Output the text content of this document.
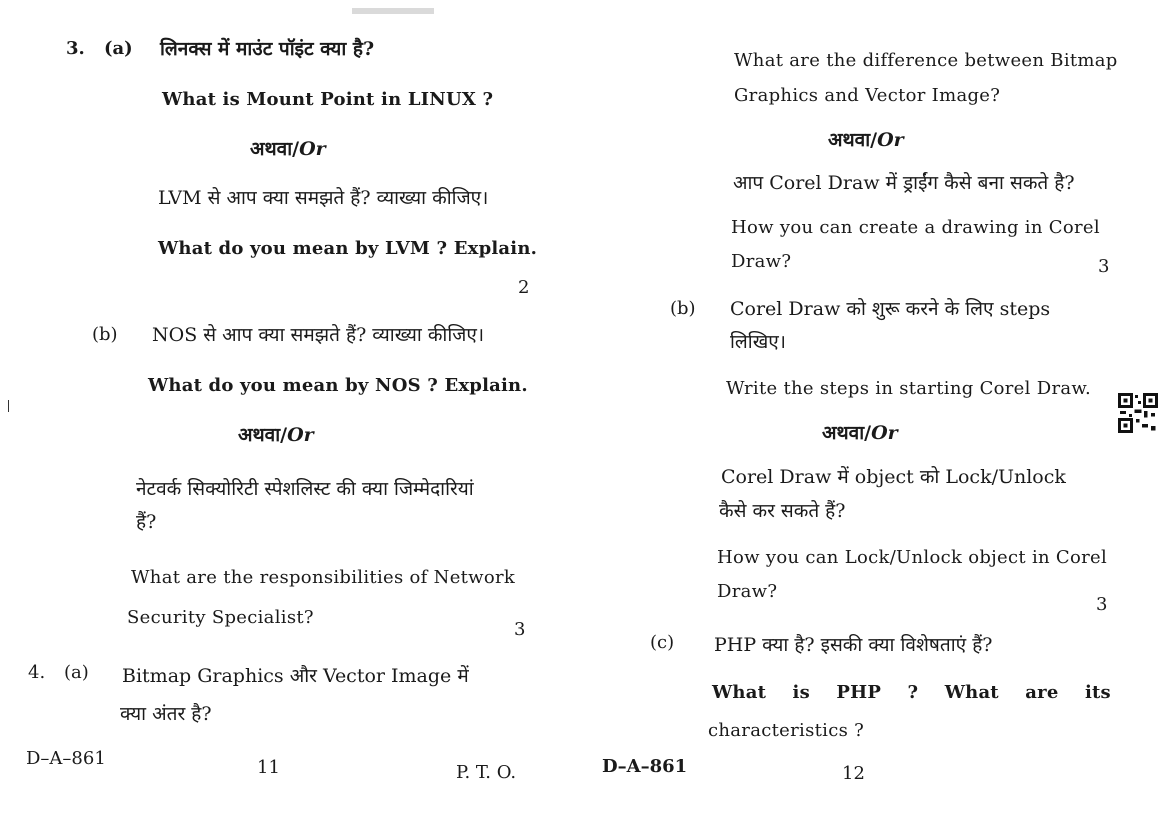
3. (a) लिनक्स में माउंट पॉइंट क्या है?
What is Mount Point in LINUX ?
अथवा/Or
LVM से आप क्या समझते हैं? व्याख्या कीजिए।
What do you mean by LVM ? Explain.
2
(b) NOS से आप क्या समझते हैं? व्याख्या कीजिए।
What do you mean by NOS ? Explain.
अथवा/Or
नेटवर्क सिक्योरिटी स्पेशलिस्ट की क्या जिम्मेदारियां
हैं?
What are the responsibilities of Network
Security Specialist?
3
4. (a) Bitmap Graphics और Vector Image में
क्या अंतर है?
D–A–861	11	P. T. O.
What are the difference between Bitmap
Graphics and Vector Image?
अथवा/Or
आप Corel Draw में ड्राईंग कैसे बना सकते है?
How you can create a drawing in Corel
Draw?	3
(b) Corel Draw को शुरू करने के लिए steps
लिखिए।
Write the steps in starting Corel Draw.
अथवा/Or
Corel Draw में object को Lock/Unlock
कैसे कर सकते हैं?
How you can Lock/Unlock object in Corel
Draw?
3
(c) PHP क्या है? इसकी क्या विशेषताएं हैं?
What is PHP ? What are its
characteristics ?
D–A–861	12
